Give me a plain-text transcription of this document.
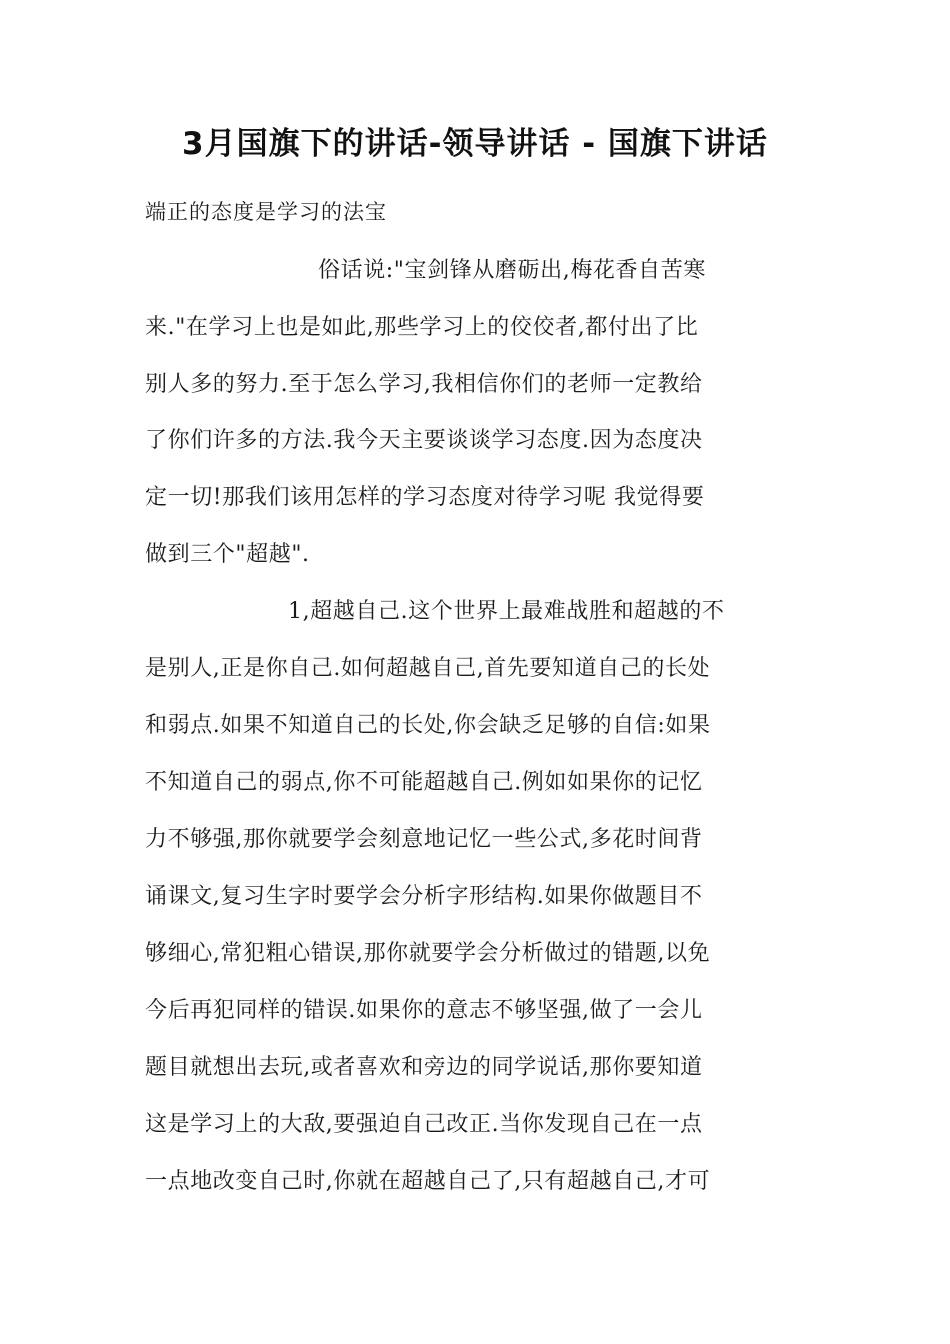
3月国旗下的讲话-领导讲话 - 国旗下讲话

端正的态度是学习的法宝

俗话说:"宝剑锋从磨砺出,梅花香自苦寒

来."在学习上也是如此,那些学习上的佼佼者,都付出了比

别人多的努力.至于怎么学习,我相信你们的老师一定教给

了你们许多的方法.我今天主要谈谈学习态度.因为态度决

定一切!那我们该用怎样的学习态度对待学习呢 我觉得要

做到三个"超越".

1,超越自己.这个世界上最难战胜和超越的不

是别人,正是你自己.如何超越自己,首先要知道自己的长处

和弱点.如果不知道自己的长处,你会缺乏足够的自信:如果

不知道自己的弱点,你不可能超越自己.例如如果你的记忆

力不够强,那你就要学会刻意地记忆一些公式,多花时间背

诵课文,复习生字时要学会分析字形结构.如果你做题目不

够细心,常犯粗心错误,那你就要学会分析做过的错题,以免

今后再犯同样的错误.如果你的意志不够坚强,做了一会儿

题目就想出去玩,或者喜欢和旁边的同学说话,那你要知道

这是学习上的大敌,要强迫自己改正.当你发现自己在一点

一点地改变自己时,你就在超越自己了,只有超越自己,才可
